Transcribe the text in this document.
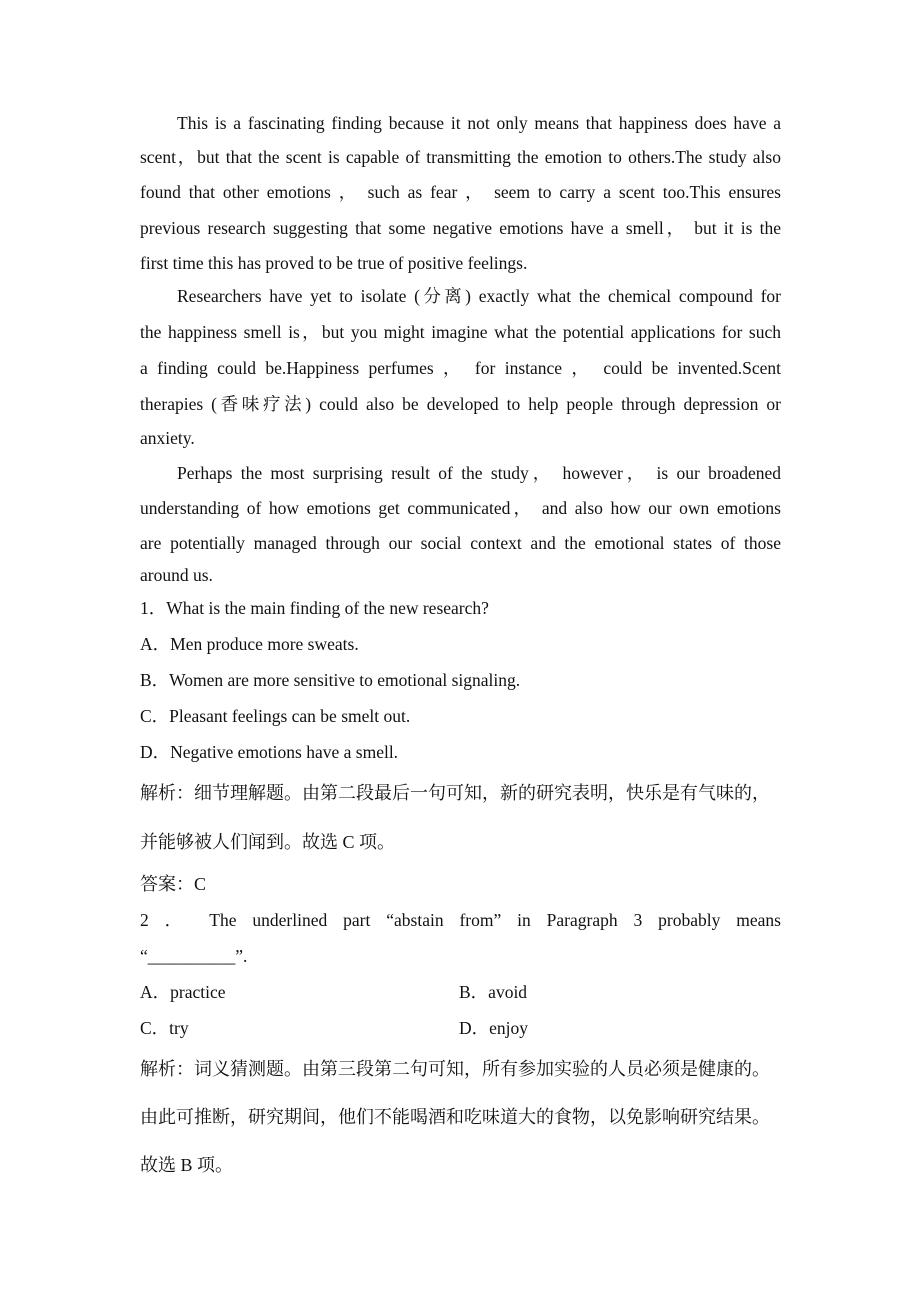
This is a fascinating finding because it not only means that happiness does have a
scent，but that the scent is capable of transmitting the emotion to others.The study also
found that other emotions ， such as fear ， seem to carry a scent too.This ensures
previous research suggesting that some negative emotions have a smell， but it is the
first time this has proved to be true of positive feelings.
Researchers have yet to isolate (分离) exactly what the chemical compound for
the happiness smell is，but you might imagine what the potential applications for such
a finding could be.Happiness perfumes ， for instance ， could be invented.Scent
therapies (香味疗法) could also be developed to help people through depression or
anxiety.
Perhaps the most surprising result of the study， however， is our broadened
understanding of how emotions get communicated， and also how our own emotions
are potentially managed through our social context and the emotional states of those
around us.
1．What is the main finding of the new research?
A．Men produce more sweats.
B．Women are more sensitive to emotional signaling.
C．Pleasant feelings can be smelt out.
D．Negative emotions have a smell.
解析：细节理解题。由第二段最后一句可知，新的研究表明，快乐是有气味的，
并能够被人们闻到。故选 C 项。
答案：C
2 ． The underlined part “abstain from” in Paragraph 3 probably means
“__________”.
A．practice	B．avoid
C．try	D．enjoy
解析：词义猜测题。由第三段第二句可知，所有参加实验的人员必须是健康的。
由此可推断，研究期间，他们不能喝酒和吃味道大的食物，以免影响研究结果。
故选 B 项。
